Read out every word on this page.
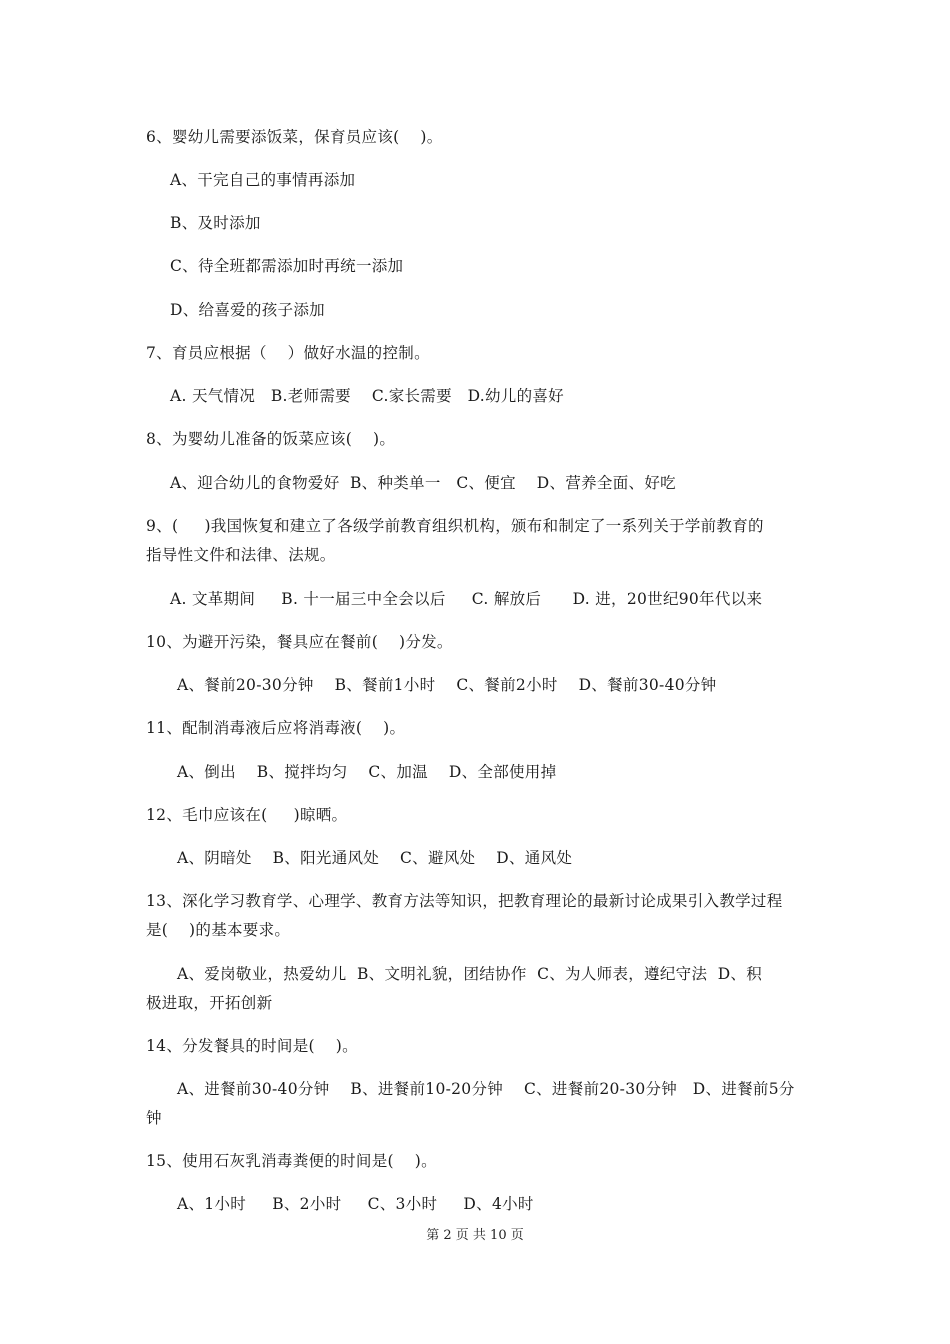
6、婴幼儿需要添饭菜，保育员应该(    )。
A、干完自己的事情再添加
B、及时添加
C、待全班都需添加时再统一添加
D、给喜爱的孩子添加
7、育员应根据（    ）做好水温的控制。
A. 天气情况   B.老师需要    C.家长需要   D.幼儿的喜好
8、为婴幼儿准备的饭菜应该(    )。
A、迎合幼儿的食物爱好  B、种类单一   C、便宜    D、营养全面、好吃
9、(     )我国恢复和建立了各级学前教育组织机构，颁布和制定了一系列关于学前教育的
指导性文件和法律、法规。
A. 文革期间     B. 十一届三中全会以后     C. 解放后      D. 进，20世纪90年代以来
10、为避开污染，餐具应在餐前(    )分发。
A、餐前20-30分钟    B、餐前1小时    C、餐前2小时    D、餐前30-40分钟
11、配制消毒液后应将消毒液(    )。
A、倒出    B、搅拌均匀    C、加温    D、全部使用掉
12、毛巾应该在(     )晾晒。
A、阴暗处    B、阳光通风处    C、避风处    D、通风处
13、深化学习教育学、心理学、教育方法等知识，把教育理论的最新讨论成果引入教学过程
是(    )的基本要求。
A、爱岗敬业，热爱幼儿  B、文明礼貌，团结协作  C、为人师表，遵纪守法  D、积
极进取，开拓创新
14、分发餐具的时间是(    )。
A、进餐前30-40分钟    B、进餐前10-20分钟    C、进餐前20-30分钟   D、进餐前5分
钟
15、使用石灰乳消毒粪便的时间是(    )。
A、1小时     B、2小时     C、3小时     D、4小时
第 2 页 共 10 页
